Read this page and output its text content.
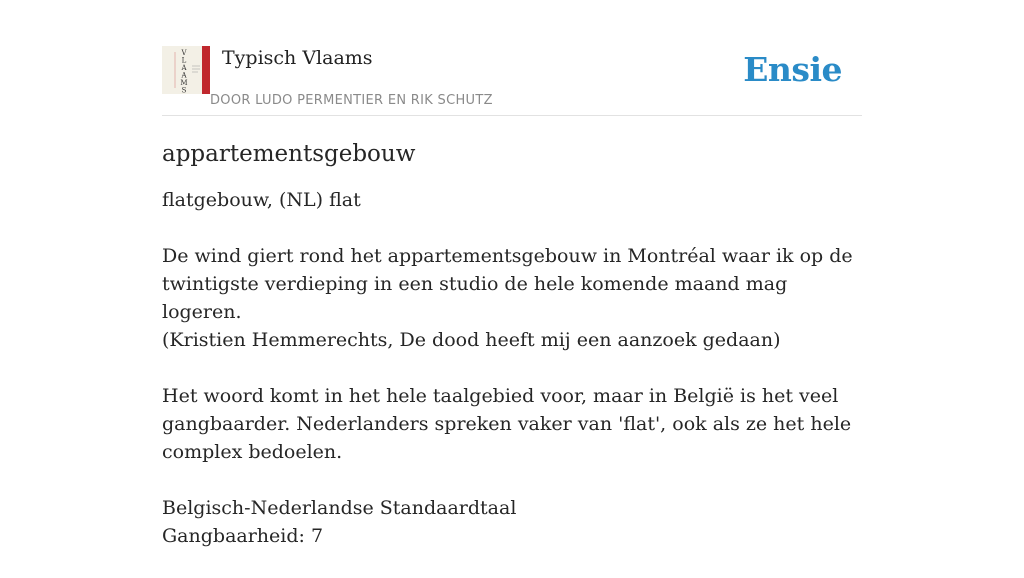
V L A A M S
Typisch Vlaams
DOOR LUDO PERMENTIER EN RIK SCHUTZ
Ensie
appartementsgebouw

flatgebouw, (NL) flat

De wind giert rond het appartementsgebouw in Montréal waar ik op de twintigste verdieping in een studio de hele komende maand mag logeren.
(Kristien Hemmerechts, De dood heeft mij een aanzoek gedaan)

Het woord komt in het hele taalgebied voor, maar in België is het veel gangbaarder. Nederlanders spreken vaker van 'flat', ook als ze het hele complex bedoelen.

Belgisch-Nederlandse Standaardtaal
Gangbaarheid: 7
